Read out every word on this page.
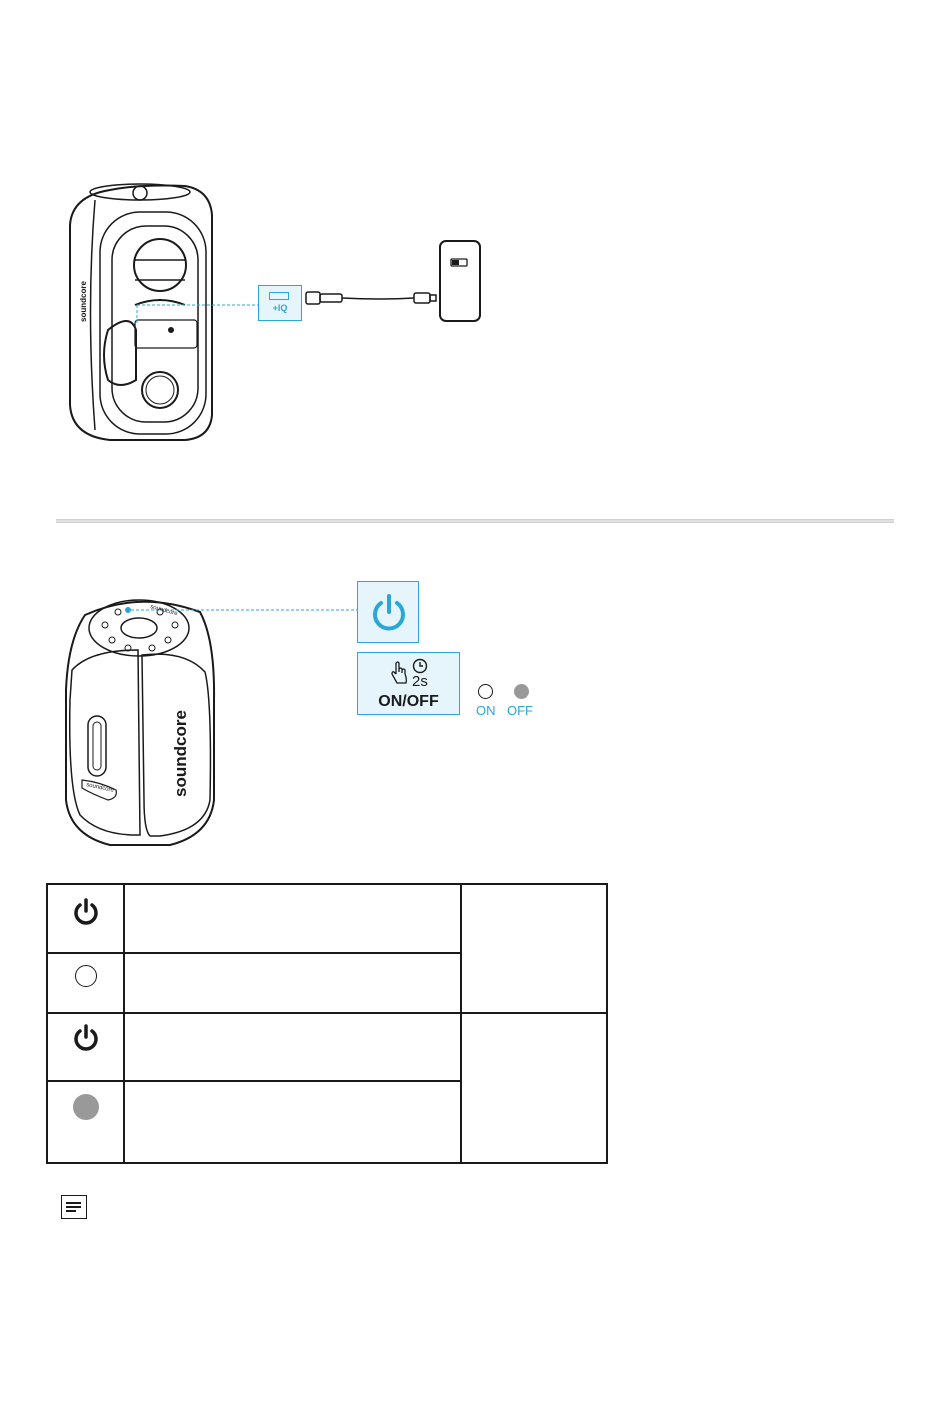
soundcore	+IQ
soundcore
soundcore
soundcore
2s
ON/OFF
ON OFF
